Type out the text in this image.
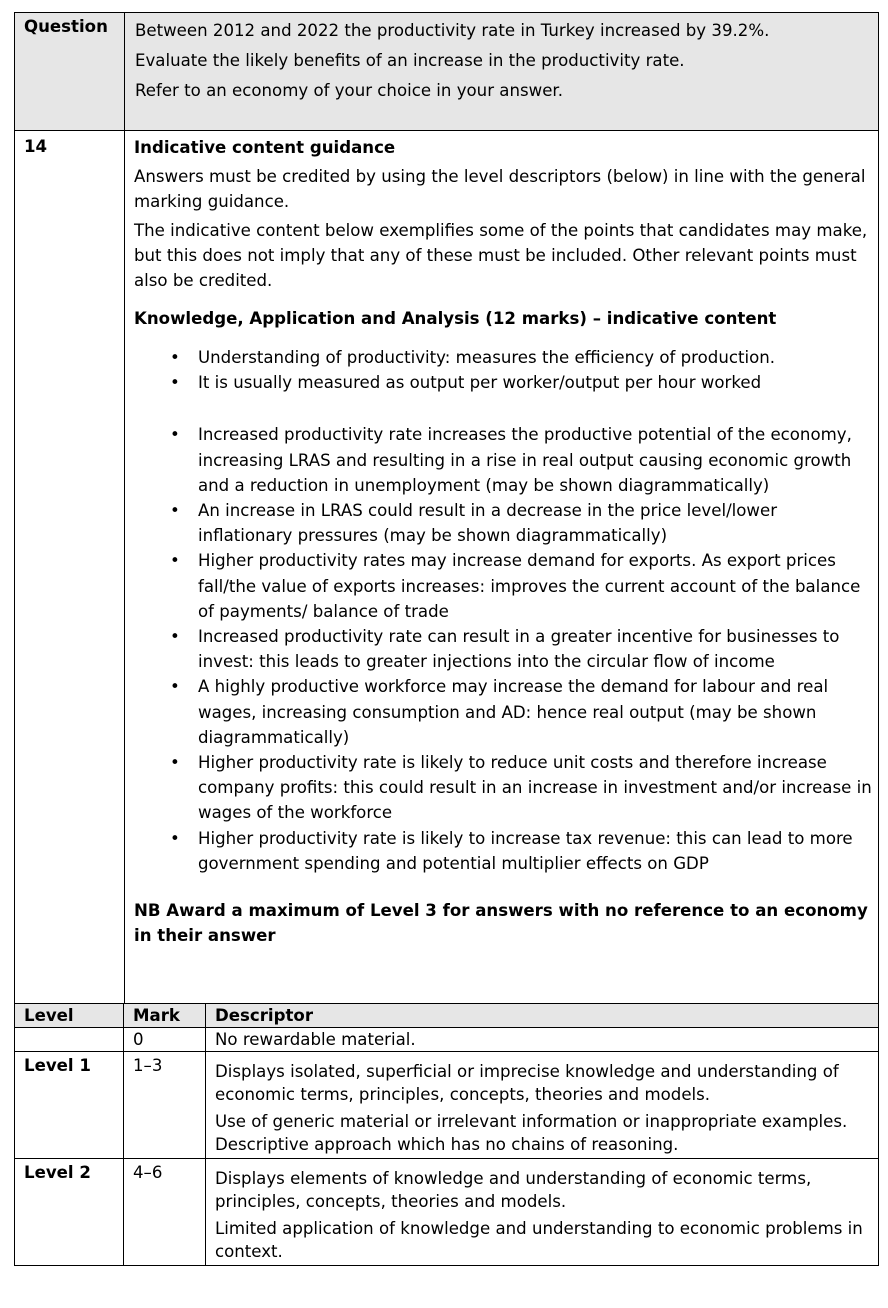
Question	Between 2012 and 2022 the productivity rate in Turkey increased by 39.2%.

Evaluate the likely benefits of an increase in the productivity rate.

Refer to an economy of your choice in your answer.

14	Indicative content guidance

Answers must be credited by using the level descriptors (below) in line with the general marking guidance.

The indicative content below exemplifies some of the points that candidates may make, but this does not imply that any of these must be included. Other relevant points must also be credited.

Knowledge, Application and Analysis (12 marks) – indicative content

• Understanding of productivity: measures the efficiency of production.
• It is usually measured as output per worker/output per hour worked
• Increased productivity rate increases the productive potential of the economy, increasing LRAS and resulting in a rise in real output causing economic growth and a reduction in unemployment (may be shown diagrammatically)
• An increase in LRAS could result in a decrease in the price level/lower inflationary pressures (may be shown diagrammatically)
• Higher productivity rates may increase demand for exports. As export prices fall/the value of exports increases: improves the current account of the balance of payments/ balance of trade
• Increased productivity rate can result in a greater incentive for businesses to invest: this leads to greater injections into the circular flow of income
• A highly productive workforce may increase the demand for labour and real wages, increasing consumption and AD: hence real output (may be shown diagrammatically)
• Higher productivity rate is likely to reduce unit costs and therefore increase company profits: this could result in an increase in investment and/or increase in wages of the workforce
• Higher productivity rate is likely to increase tax revenue: this can lead to more government spending and potential multiplier effects on GDP

NB Award a maximum of Level 3 for answers with no reference to an economy in their answer

Level	Mark	Descriptor
	0	No rewardable material.

Level 1	1–3	Displays isolated, superficial or imprecise knowledge and understanding of economic terms, principles, concepts, theories and models.

Use of generic material or irrelevant information or inappropriate examples.

Descriptive approach which has no chains of reasoning.

Level 2	4–6	Displays elements of knowledge and understanding of economic terms, principles, concepts, theories and models.

Limited application of knowledge and understanding to economic problems in context.
